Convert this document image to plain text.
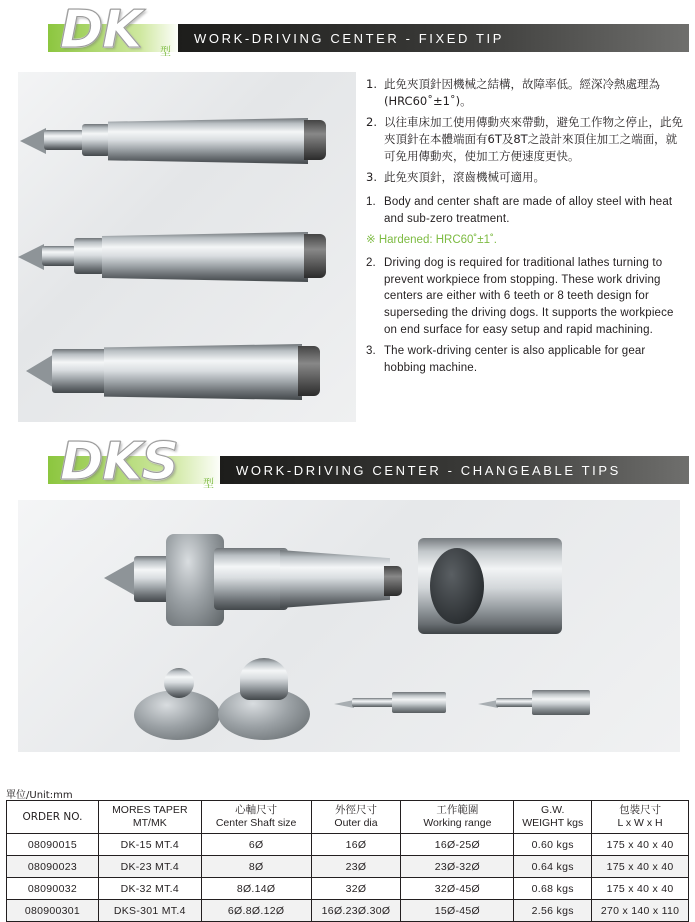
WORK-DRIVING CENTER - FIXED TIP
DK 型
1. 此免夾頂針因機械之結構，故障率低。經深冷熱處理為(HRC60˚±1˚)。
2. 以往車床加工使用傳動夾來帶動，避免工作物之停止，此免夾頂針在本體端面有6T及8T之設計來頂住加工之端面，就可免用傳動夾，使加工方便速度更快。
3. 此免夾頂針，滾齒機械可適用。
1. Body and center shaft are made of alloy steel with heat and sub-zero treatment.
※ Hardened: HRC60˚±1˚.
2. Driving dog is required for traditional lathes turning to prevent workpiece from stopping. These work driving centers are either with 6 teeth or 8 teeth design for superseding the driving dogs. It supports the workpiece on end surface for easy setup and rapid machining.
3. The work-driving center is also applicable for gear hobbing machine.
WORK-DRIVING CENTER - CHANGEABLE TIPS
DKS 型
單位/Unit:mm
ORDER NO.

MORES TAPER
MT/MK

心軸尺寸
Center Shaft size

外徑尺寸
Outer dia

工作範圍
Working range

G.W.
WEIGHT kgs

包裝尺寸
L x W x H

08090015	DK-15 MT.4	6Ø	16Ø	16Ø-25Ø	0.60 kgs	175 x 40 x 40
08090023	DK-23 MT.4	8Ø	23Ø	23Ø-32Ø	0.64 kgs	175 x 40 x 40
08090032	DK-32 MT.4	8Ø.14Ø	32Ø	32Ø-45Ø	0.68 kgs	175 x 40 x 40
080900301	DKS-301 MT.4	6Ø.8Ø.12Ø	16Ø.23Ø.30Ø	15Ø-45Ø	2.56 kgs	270 x 140 x 110
